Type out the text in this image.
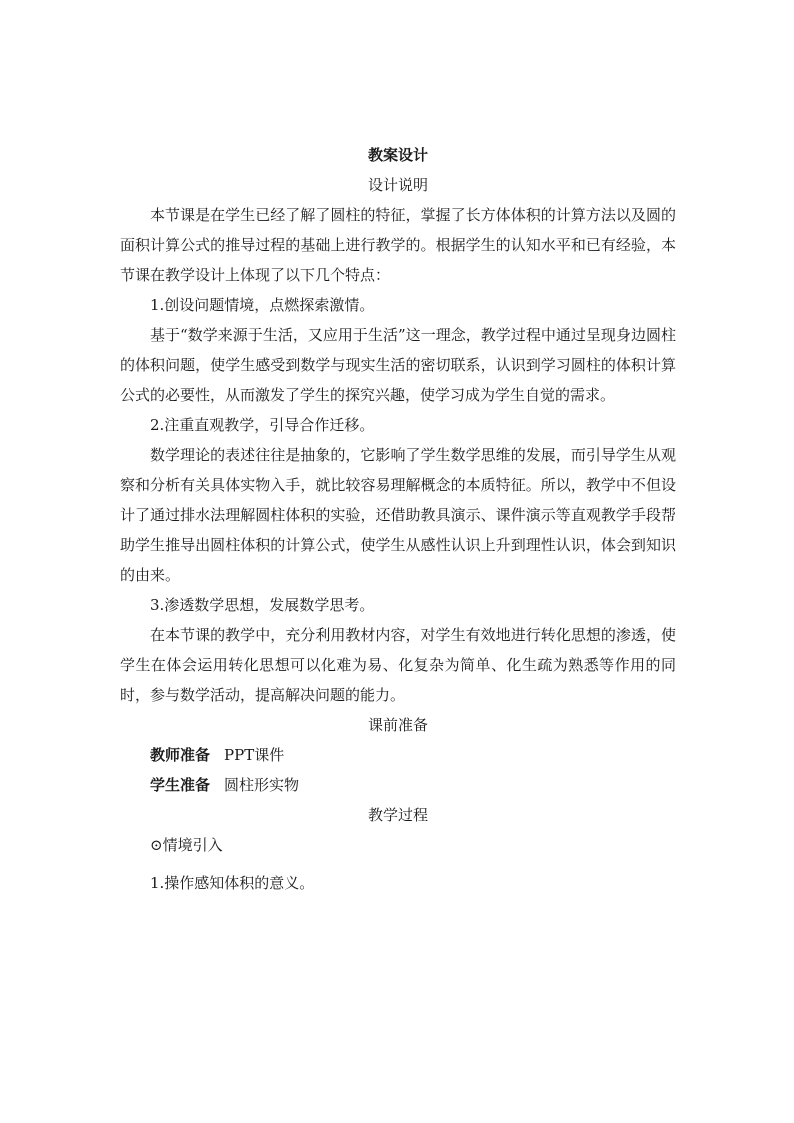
教案设计
设计说明

本节课是在学生已经了解了圆柱的特征，掌握了长方体体积的计算方法以及圆的面积计算公式的推导过程的基础上进行教学的。根据学生的认知水平和已有经验，本节课在教学设计上体现了以下几个特点：

1.创设问题情境，点燃探索激情。

基于“数学来源于生活，又应用于生活”这一理念，教学过程中通过呈现身边圆柱的体积问题，使学生感受到数学与现实生活的密切联系，认识到学习圆柱的体积计算公式的必要性，从而激发了学生的探究兴趣，使学习成为学生自觉的需求。

2.注重直观教学，引导合作迁移。

数学理论的表述往往是抽象的，它影响了学生数学思维的发展，而引导学生从观察和分析有关具体实物入手，就比较容易理解概念的本质特征。所以，教学中不但设计了通过排水法理解圆柱体积的实验，还借助教具演示、课件演示等直观教学手段帮助学生推导出圆柱体积的计算公式，使学生从感性认识上升到理性认识，体会到知识的由来。

3.渗透数学思想，发展数学思考。

在本节课的教学中，充分利用教材内容，对学生有效地进行转化思想的渗透，使学生在体会运用转化思想可以化难为易、化复杂为简单、化生疏为熟悉等作用的同时，参与数学活动，提高解决问题的能力。

课前准备
教师准备 PPT课件
学生准备 圆柱形实物
教学过程
⊙情境引入
1.操作感知体积的意义。
